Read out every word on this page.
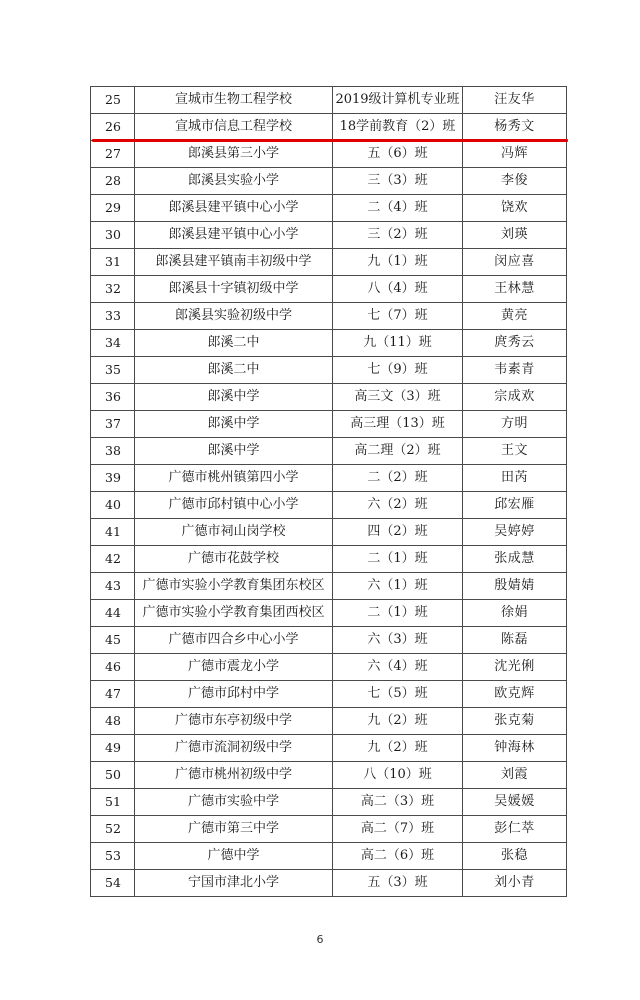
25	宣城市生物工程学校	2019级计算机专业班	汪友华
26	宣城市信息工程学校	18学前教育（2）班	杨秀文
27	郎溪县第三小学	五（6）班	冯辉
28	郎溪县实验小学	三（3）班	李俊
29	郎溪县建平镇中心小学	二（4）班	饶欢
30	郎溪县建平镇中心小学	三（2）班	刘瑛
31	郎溪县建平镇南丰初级中学	九（1）班	闵应喜
32	郎溪县十字镇初级中学	八（4）班	王林慧
33	郎溪县实验初级中学	七（7）班	黄亮
34	郎溪二中	九（11）班	庹秀云
35	郎溪二中	七（9）班	韦素青
36	郎溪中学	高三文（3）班	宗成欢
37	郎溪中学	高三理（13）班	方明
38	郎溪中学	高二理（2）班	王文
39	广德市桃州镇第四小学	二（2）班	田芮
40	广德市邱村镇中心小学	六（2）班	邱宏雁
41	广德市祠山岗学校	四（2）班	吴婷婷
42	广德市花鼓学校	二（1）班	张成慧
43	广德市实验小学教育集团东校区	六（1）班	殷婧婧
44	广德市实验小学教育集团西校区	二（1）班	徐娟
45	广德市四合乡中心小学	六（3）班	陈磊
46	广德市震龙小学	六（4）班	沈光俐
47	广德市邱村中学	七（5）班	欧克辉
48	广德市东亭初级中学	九（2）班	张克菊
49	广德市流洞初级中学	九（2）班	钟海林
50	广德市桃州初级中学	八（10）班	刘霞
51	广德市实验中学	高二（3）班	吴媛媛
52	广德市第三中学	高二（7）班	彭仁萃
53	广德中学	高二（6）班	张稳
54	宁国市津北小学	五（3）班	刘小青
6
